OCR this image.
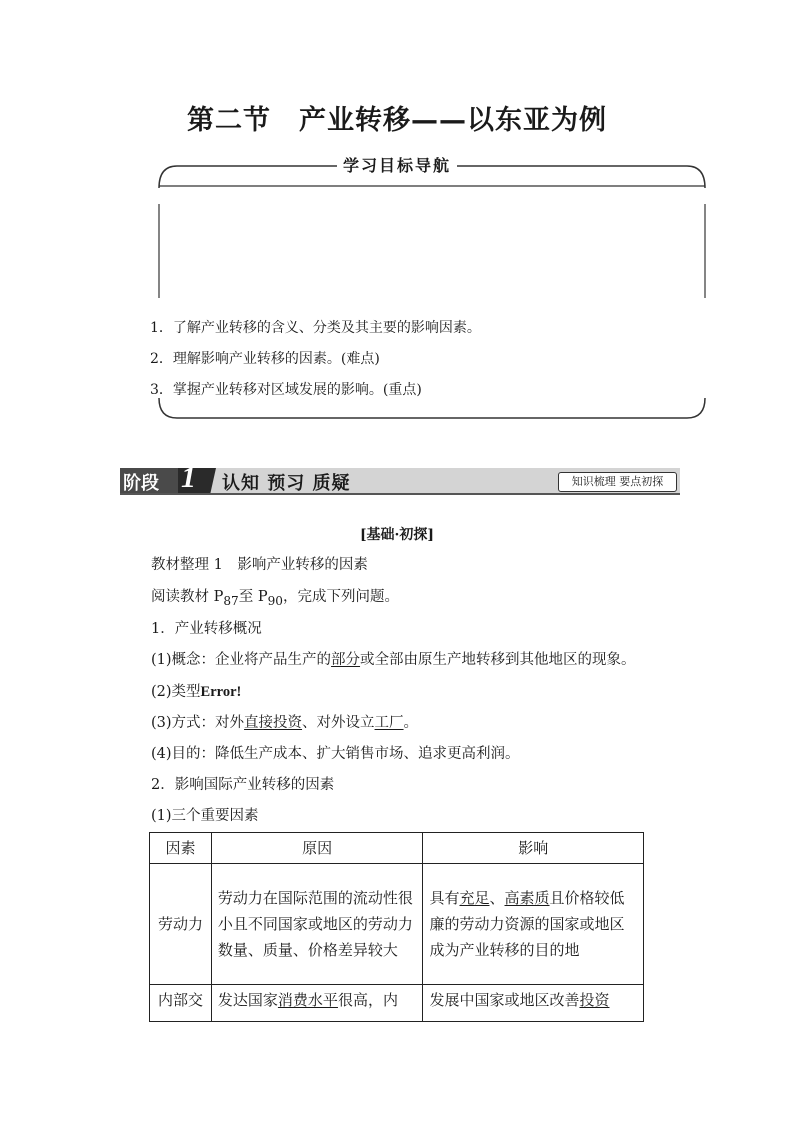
第二节　产业转移——以东亚为例
学习目标导航
1．了解产业转移的含义、分类及其主要的影响因素。
2．理解影响产业转移的因素。(难点)
3．掌握产业转移对区域发展的影响。(重点)
阶段 1 认知 预习 质疑	知识梳理 要点初探
[基础·初探]
教材整理 1　影响产业转移的因素
阅读教材 $P_{87}$至 $P_{90}$，完成下列问题。
1．产业转移概况
(1)概念：企业将产品生产的部分或全部由原生产地转移到其他地区的现象。
(2)类型Error!
(3)方式：对外直接投资、对外设立工厂。
(4)目的：降低生产成本、扩大销售市场、追求更高利润。
2．影响国际产业转移的因素
(1)三个重要因素
因素	原因	影响
劳动力	劳动力在国际范围的流动性很小且不同国家或地区的劳动力数量、质量、价格差异较大	具有充足、高素质且价格较低廉的劳动力资源的国家或地区成为产业转移的目的地
内部交	发达国家消费水平很高，内	发展中国家或地区改善投资
